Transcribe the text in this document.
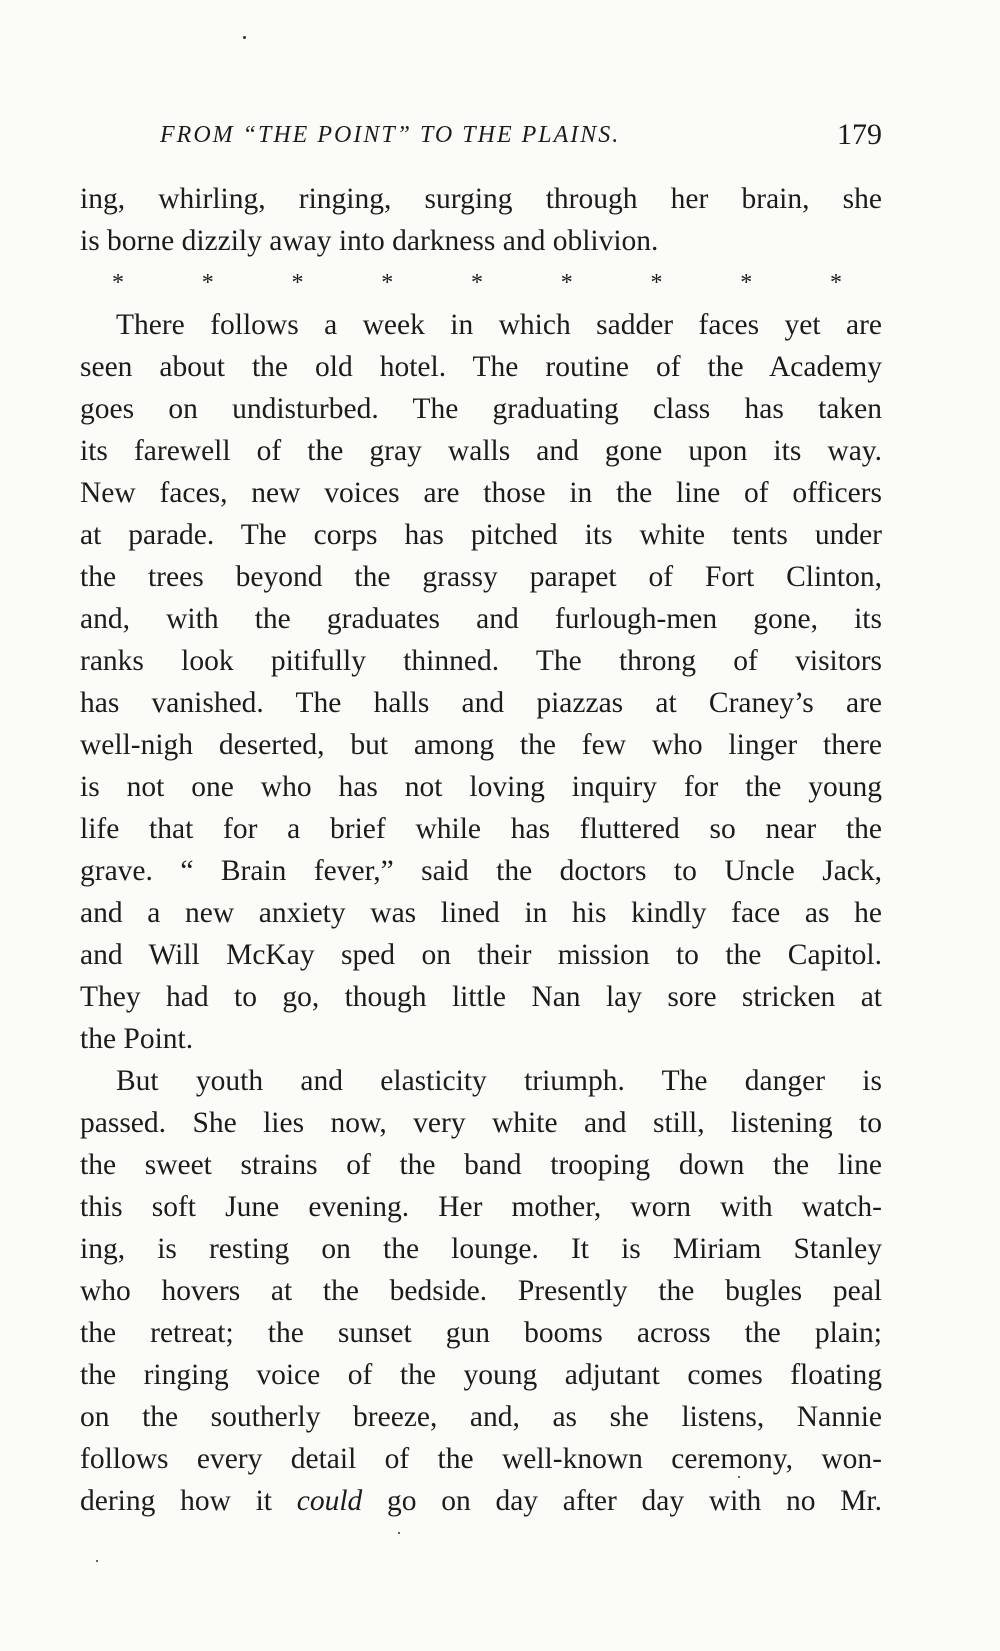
FROM “THE POINT” TO THE PLAINS.	179
ing, whirling, ringing, surging through her brain, she
is borne dizzily away into darkness and oblivion.
*	*	*	*	*	*	*	*	*
There follows a week in which sadder faces yet are
seen about the old hotel. The routine of the Academy
goes on undisturbed. The graduating class has taken
its farewell of the gray walls and gone upon its way.
New faces, new voices are those in the line of officers
at parade. The corps has pitched its white tents under
the trees beyond the grassy parapet of Fort Clinton,
and, with the graduates and furlough-men gone, its
ranks look pitifully thinned. The throng of visitors
has vanished. The halls and piazzas at Craney’s are
well-nigh deserted, but among the few who linger there
is not one who has not loving inquiry for the young
life that for a brief while has fluttered so near the
grave. “ Brain fever,” said the doctors to Uncle Jack,
and a new anxiety was lined in his kindly face as he
and Will McKay sped on their mission to the Capitol.
They had to go, though little Nan lay sore stricken at
the Point.
But youth and elasticity triumph. The danger is
passed. She lies now, very white and still, listening to
the sweet strains of the band trooping down the line
this soft June evening. Her mother, worn with watch-
ing, is resting on the lounge. It is Miriam Stanley
who hovers at the bedside. Presently the bugles peal
the retreat; the sunset gun booms across the plain;
the ringing voice of the young adjutant comes floating
on the southerly breeze, and, as she listens, Nannie
follows every detail of the well-known ceremony, won-
dering how it could go on day after day with no Mr.
